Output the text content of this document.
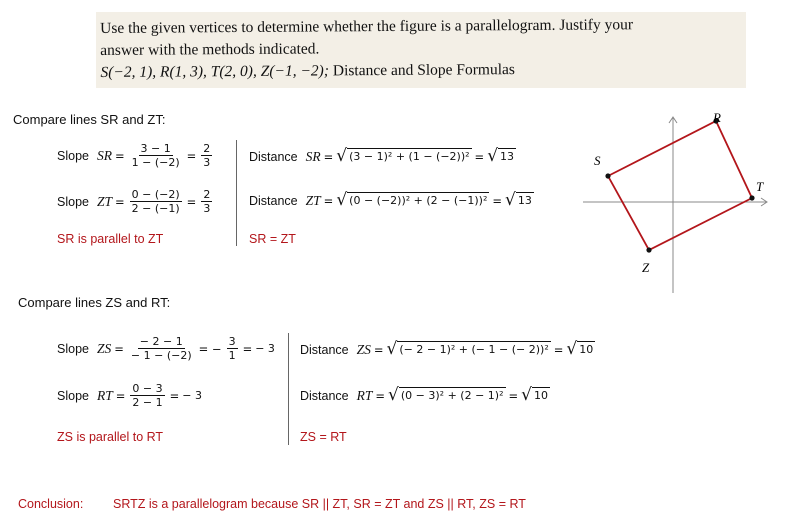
Use the given vertices to determine whether the figure is a parallelogram. Justify your
answer with the methods indicated.
S(−2, 1), R(1, 3), T(2, 0), Z(−1, −2); Distance and Slope Formulas
Compare lines SR and ZT:
Slope SR = $\frac{3 - 1}{1 - (-2)} = \frac{2}{3}$
Slope ZT = $\frac{0 - (-2)}{2 - (-1)} = \frac{2}{3}$
SR is parallel to ZT
Distance SR = √ (3 − 1)² + (1 − (−2))² = √ 13
Distance ZT = √ (0 − (−2))² + (2 − (−1))² = √ 13
SR = ZT
S
R
T
Z
Compare lines ZS and RT:
Slope ZS = $\frac{- 2 - 1}{- 1 - (-2)}$ = − $\frac{3}{1}$ = − 3
Slope RT = $\frac{0 - 3}{2 - 1}$ = − 3
ZS is parallel to RT
Distance ZS = √ (− 2 − 1)² + (− 1 − (− 2))² = √ 10
Distance RT = √ (0 − 3)² + (2 − 1)² = √ 10
ZS = RT
Conclusion: SRTZ is a parallelogram because SR || ZT, SR = ZT and ZS || RT, ZS = RT
